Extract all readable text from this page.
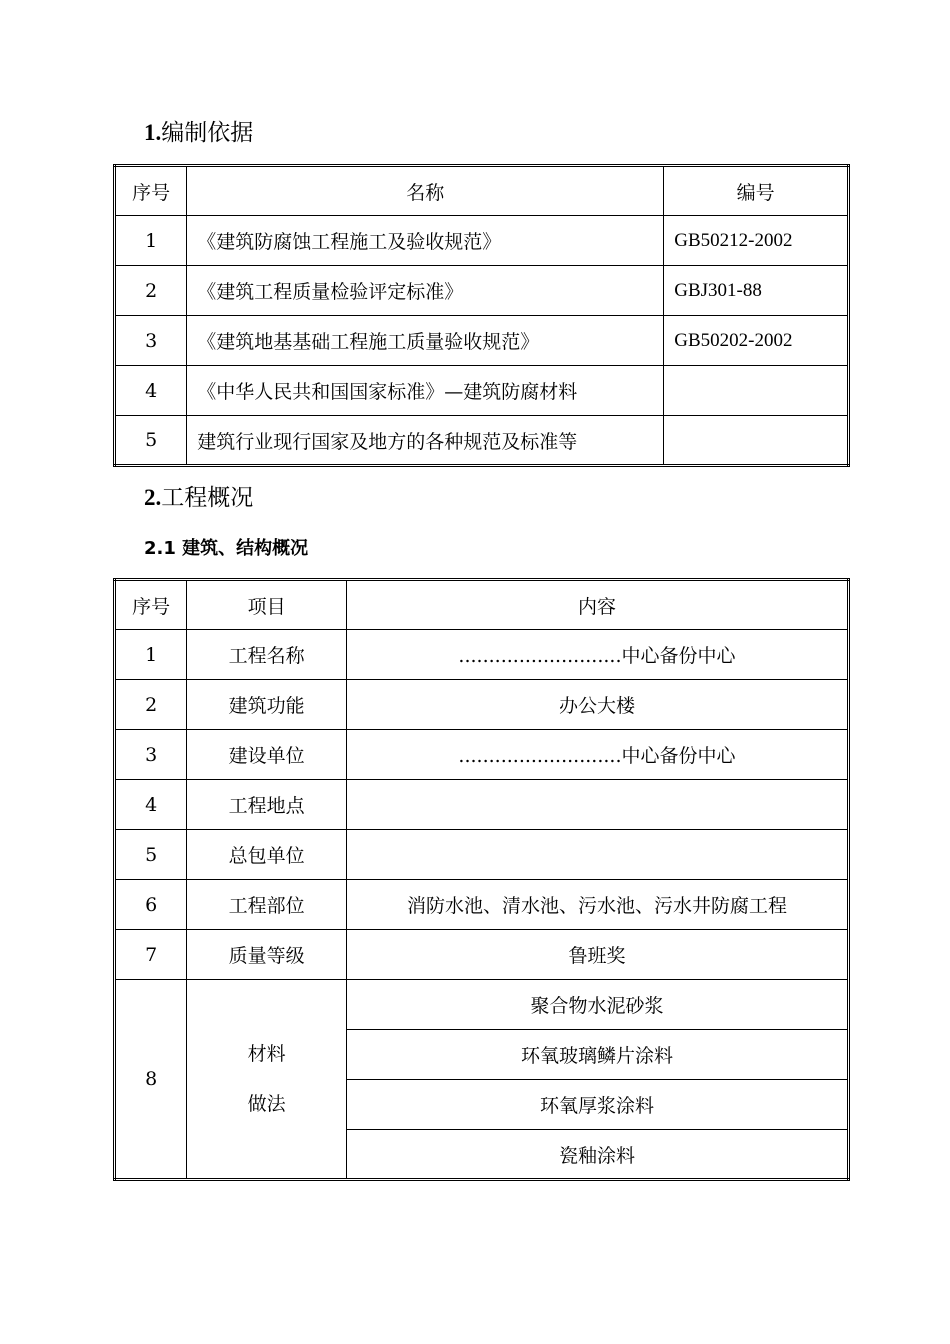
1.编制依据
序号	名称	编号
1	《建筑防腐蚀工程施工及验收规范》	GB50212-2002
2	《建筑工程质量检验评定标准》	GBJ301-88
3	《建筑地基基础工程施工质量验收规范》	GB50202-2002
4	《中华人民共和国国家标准》—建筑防腐材料	
5	建筑行业现行国家及地方的各种规范及标准等	
2.工程概况
2.1 建筑、结构概况
序号	项目	内容
1	工程名称	...........................中心备份中心
2	建筑功能	办公大楼
3	建设单位	...........................中心备份中心
4	工程地点	
5	总包单位	
6	工程部位	消防水池、清水池、污水池、污水井防腐工程
7	质量等级	鲁班奖
8	材料
做法	聚合物水泥砂浆
		环氧玻璃鳞片涂料
		环氧厚浆涂料
		瓷釉涂料
